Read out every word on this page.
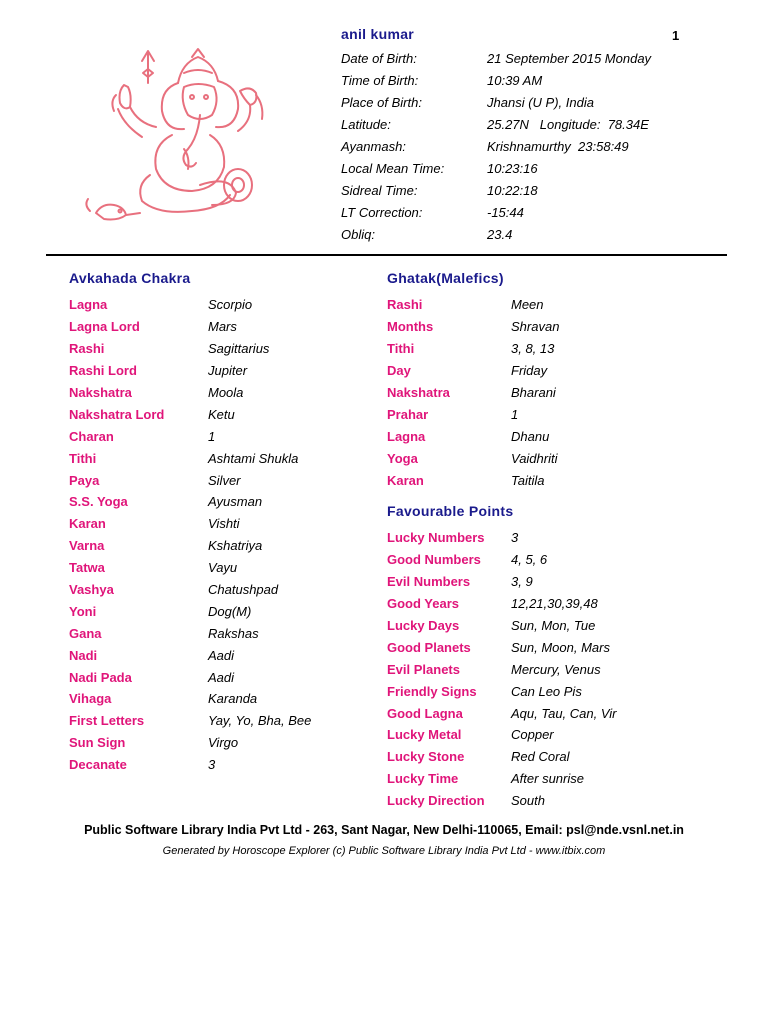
anil kumar	1
Date of Birth:	21 September 2015 Monday
Time of Birth:	10:39 AM
Place of Birth:	Jhansi (U P), India
Latitude:	25.27N   Longitude:  78.34E
Ayanmash:	Krishnamurthy  23:58:49
Local Mean Time:	10:23:16
Sidreal Time:	10:22:18
LT Correction:	-15:44
Obliq:	23.4
Avkahada Chakra
Lagna	Scorpio
Lagna Lord	Mars
Rashi	Sagittarius
Rashi Lord	Jupiter
Nakshatra	Moola
Nakshatra Lord	Ketu
Charan	1
Tithi	Ashtami Shukla
Paya	Silver
S.S. Yoga	Ayusman
Karan	Vishti
Varna	Kshatriya
Tatwa	Vayu
Vashya	Chatushpad
Yoni	Dog(M)
Gana	Rakshas
Nadi	Aadi
Nadi Pada	Aadi
Vihaga	Karanda
First Letters	Yay, Yo, Bha, Bee
Sun Sign	Virgo
Decanate	3
Ghatak(Malefics)
Rashi	Meen
Months	Shravan
Tithi	3, 8, 13
Day	Friday
Nakshatra	Bharani
Prahar	1
Lagna	Dhanu
Yoga	Vaidhriti
Karan	Taitila
Favourable Points
Lucky Numbers	3
Good Numbers	4, 5, 6
Evil Numbers	3, 9
Good Years	12,21,30,39,48
Lucky Days	Sun, Mon, Tue
Good Planets	Sun, Moon, Mars
Evil Planets	Mercury, Venus
Friendly Signs	Can Leo Pis
Good Lagna	Aqu, Tau, Can, Vir
Lucky Metal	Copper
Lucky Stone	Red Coral
Lucky Time	After sunrise
Lucky Direction	South
Public Software Library India Pvt Ltd - 263, Sant Nagar, New Delhi-110065, Email: psl@nde.vsnl.net.in
Generated by Horoscope Explorer (c) Public Software Library India Pvt Ltd - www.itbix.com
